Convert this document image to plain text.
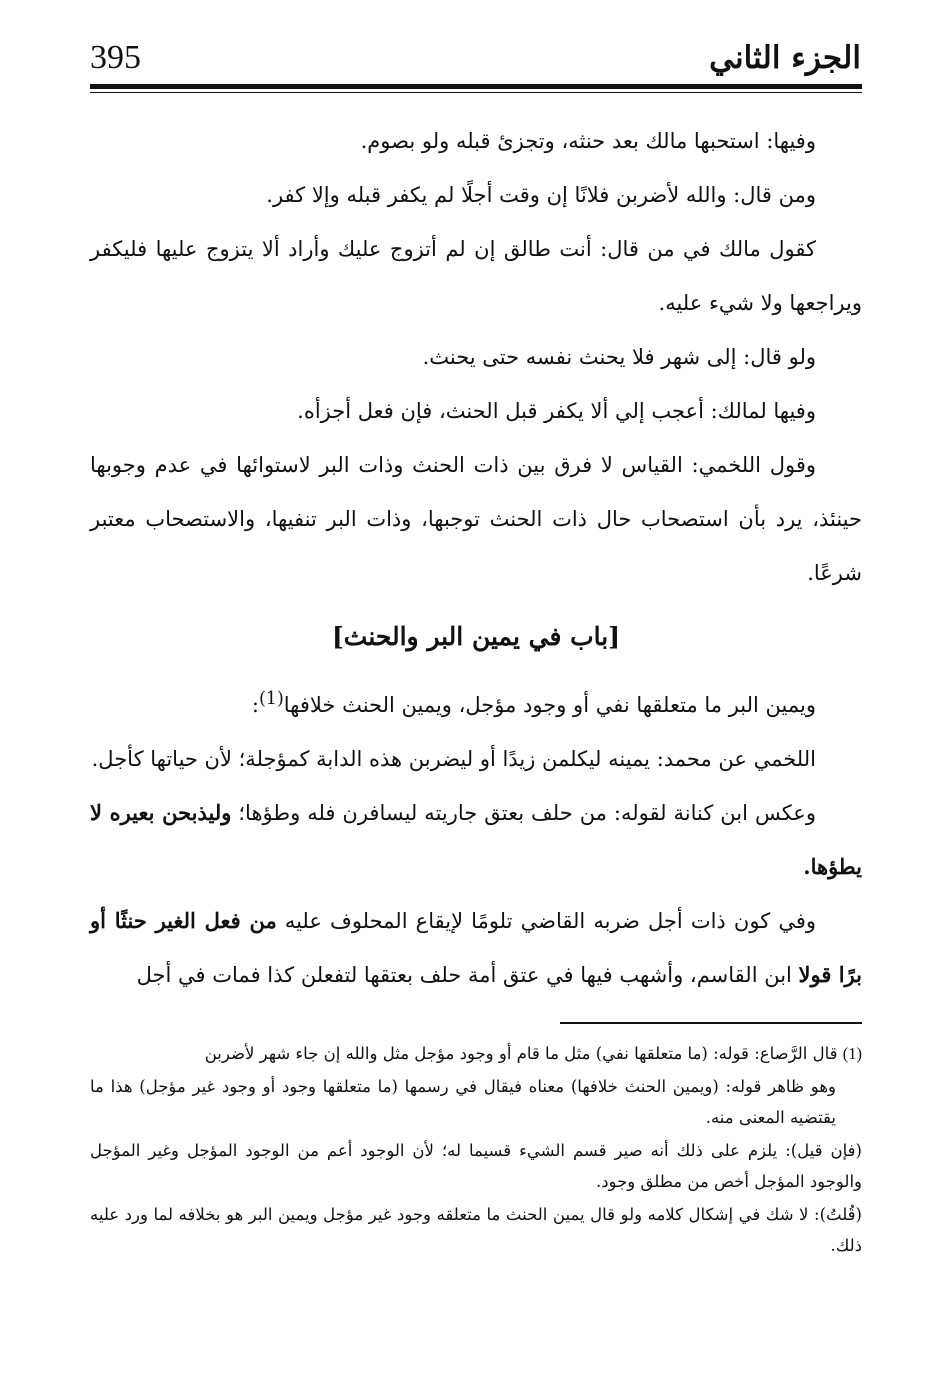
395	الجزء الثاني

وفيها: استحبها مالك بعد حنثه، وتجزئ قبله ولو بصوم.

ومن قال: والله لأضربن فلانًا إن وقت أجلًا لم يكفر قبله وإلا كفر.

كقول مالك في من قال: أنت طالق إن لم أتزوج عليك وأراد ألا يتزوج عليها فليكفر ويراجعها ولا شيء عليه.

ولو قال: إلى شهر فلا يحنث نفسه حتى يحنث.

وفيها لمالك: أعجب إلي ألا يكفر قبل الحنث، فإن فعل أجزأه.

وقول اللخمي: القياس لا فرق بين ذات الحنث وذات البر لاستوائها في عدم وجوبها حينئذ، يرد بأن استصحاب حال ذات الحنث توجبها، وذات البر تنفيها، والاستصحاب معتبر شرعًا.

[باب في يمين البر والحنث]

ويمين البر ما متعلقها نفي أو وجود مؤجل، ويمين الحنث خلافها$^{(1)}$:

اللخمي عن محمد: يمينه ليكلمن زيدًا أو ليضربن هذه الدابة كمؤجلة؛ لأن حياتها كأجل.

وعكس ابن كنانة لقوله: من حلف بعتق جاريته ليسافرن فله وطؤها؛ وليذبحن بعيره لا يطؤها.

وفي كون ذات أجل ضربه القاضي تلومًا لإيقاع المحلوف عليه من فعل الغير حنثًا أو برًا قولا ابن القاسم، وأشهب فيها في عتق أمة حلف بعتقها لتفعلن كذا فمات في أجل

(1) قال الرَّصاع: قوله: (ما متعلقها نفي) مثل ما قام أو وجود مؤجل مثل والله إن جاء شهر لأضربن

وهو ظاهر قوله: (ويمين الحنث خلافها) معناه فيقال في رسمها (ما متعلقها وجود أو وجود غير مؤجل) هذا ما يقتضيه المعنى منه.

(فإن قيل): يلزم على ذلك أنه صير قسم الشيء قسيما له؛ لأن الوجود أعم من الوجود المؤجل وغير المؤجل والوجود المؤجل أخص من مطلق وجود.

(قُلتُ): لا شك في إشكال كلامه ولو قال يمين الحنث ما متعلقه وجود غير مؤجل ويمين البر هو بخلافه لما ورد عليه ذلك.
